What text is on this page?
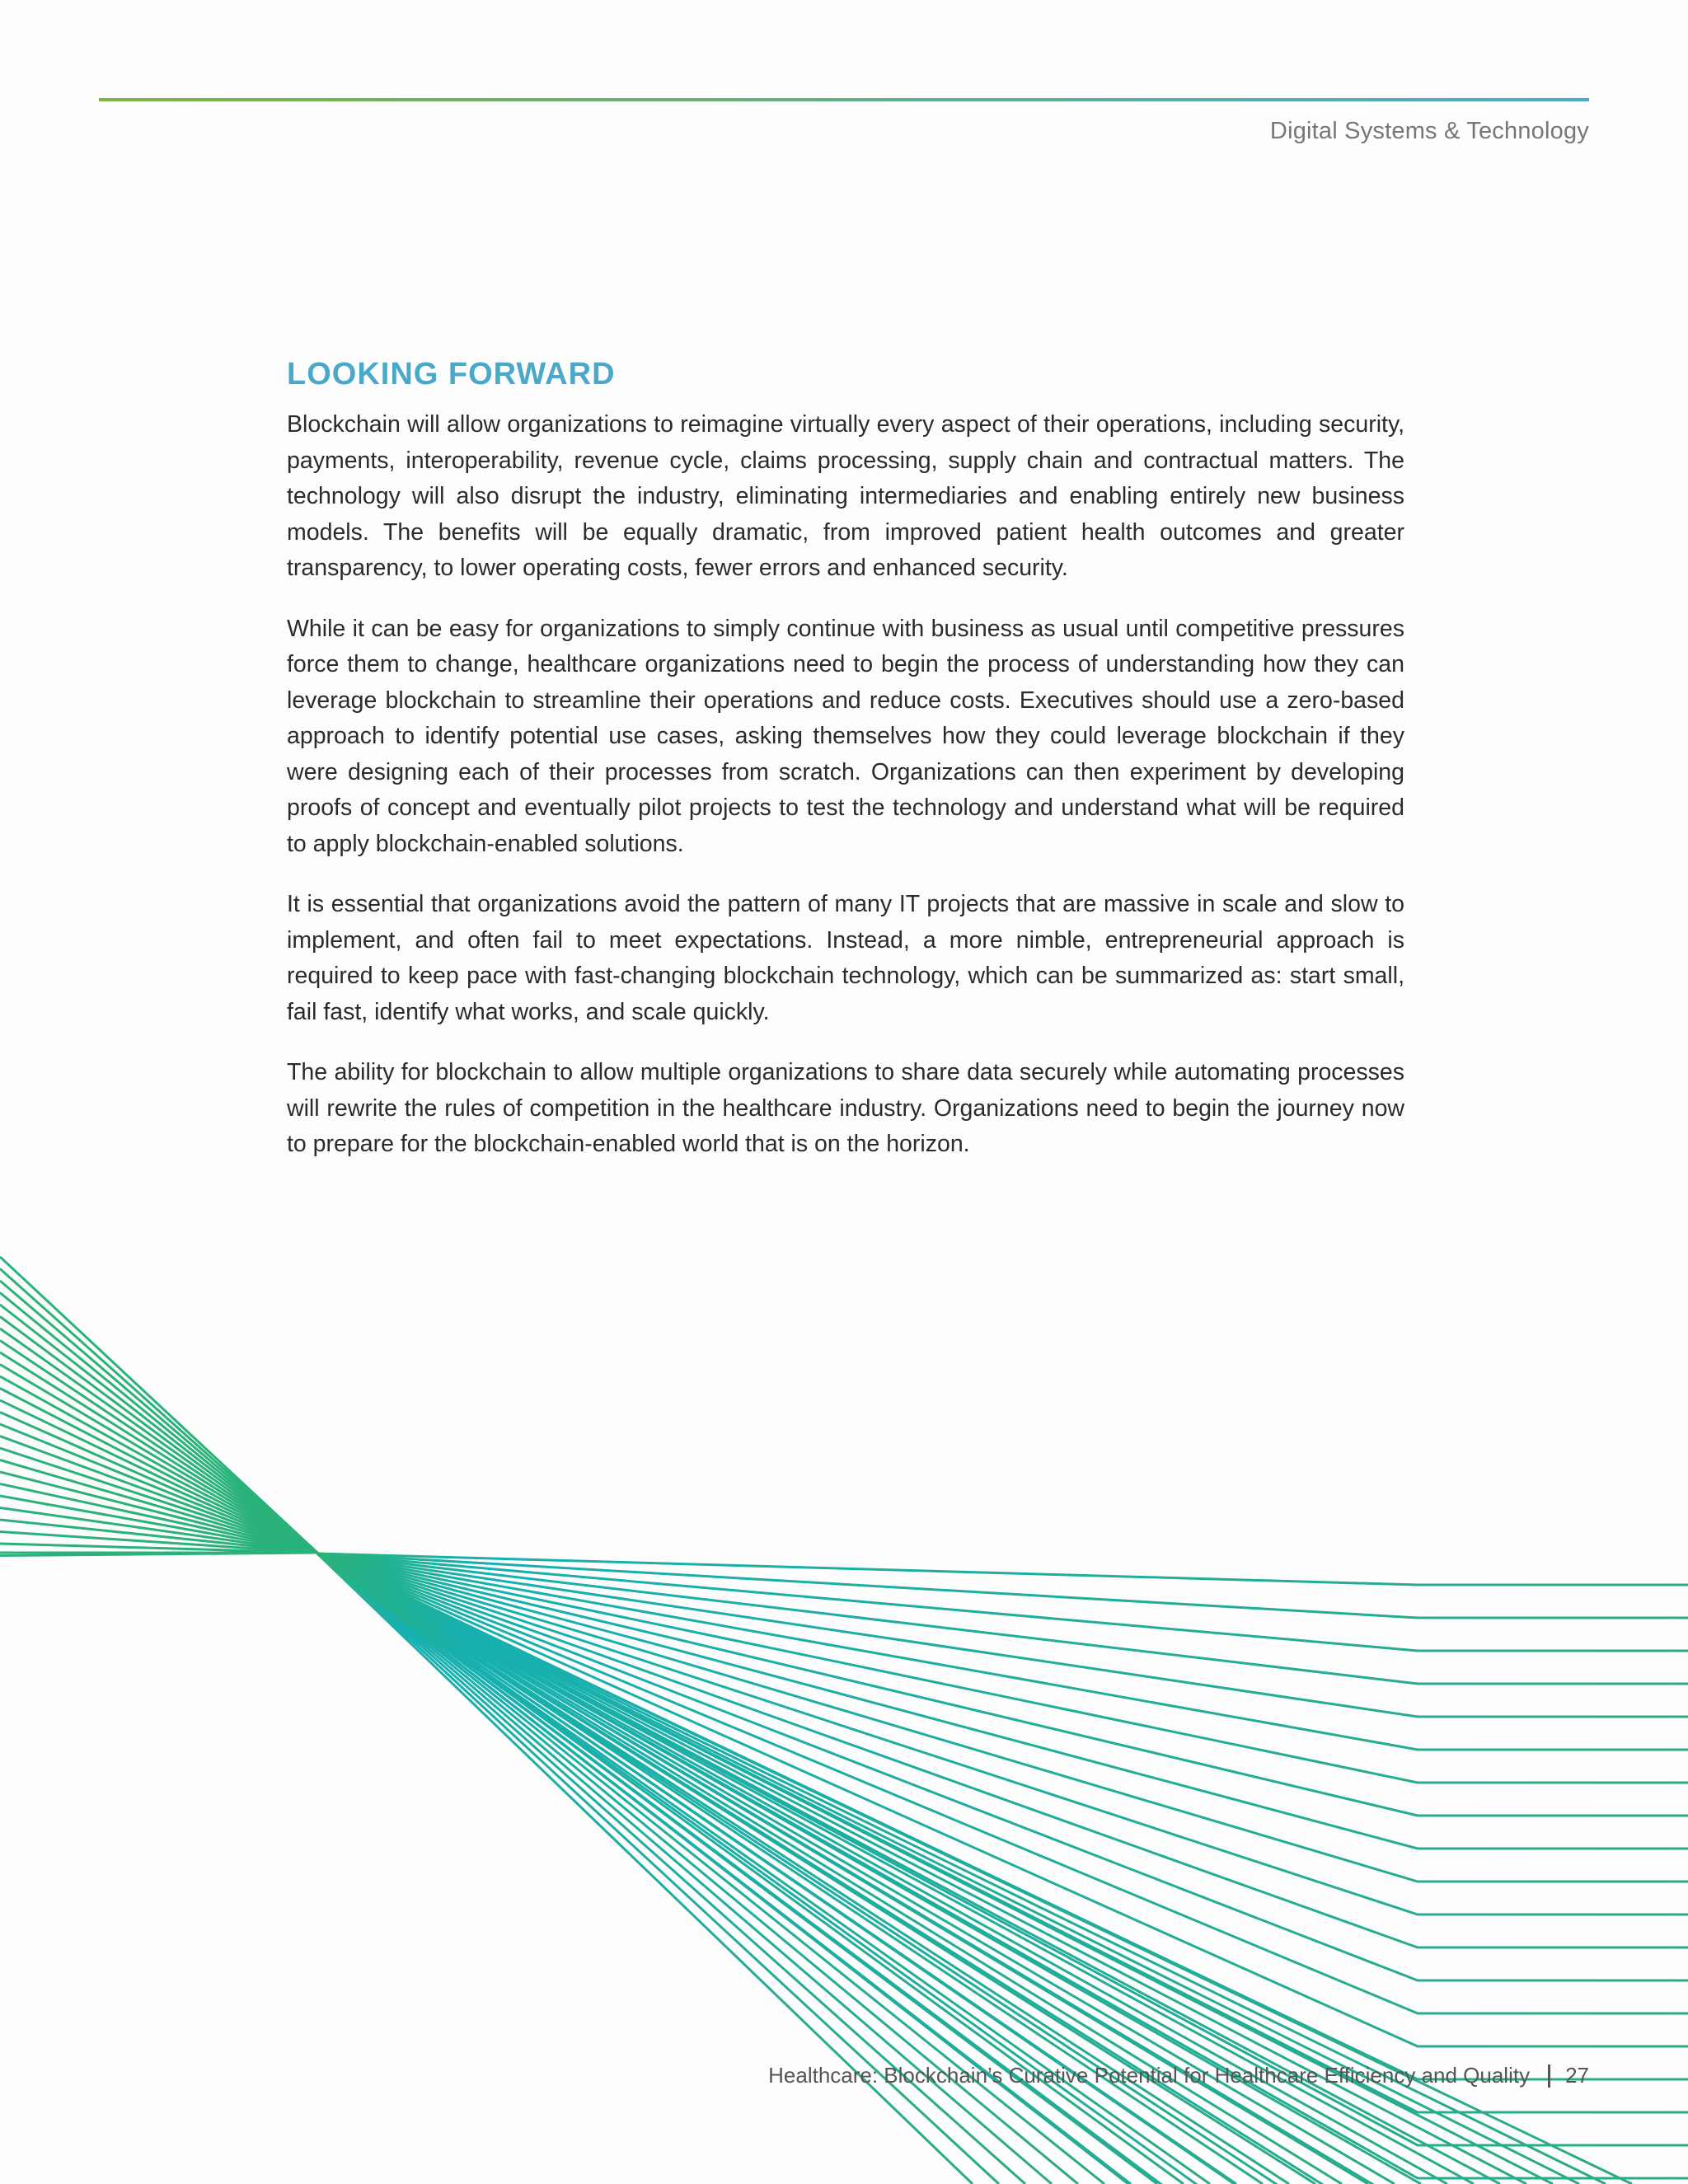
Digital Systems & Technology
LOOKING FORWARD

Blockchain will allow organizations to reimagine virtually every aspect of their operations, including security, payments, interoperability, revenue cycle, claims processing, supply chain and contractual matters. The technology will also disrupt the industry, eliminating intermediaries and enabling entirely new business models. The benefits will be equally dramatic, from improved patient health outcomes and greater transparency, to lower operating costs, fewer errors and enhanced security.

While it can be easy for organizations to simply continue with business as usual until competitive pressures force them to change, healthcare organizations need to begin the process of understanding how they can leverage blockchain to streamline their operations and reduce costs. Executives should use a zero-based approach to identify potential use cases, asking themselves how they could leverage blockchain if they were designing each of their processes from scratch. Organizations can then experiment by developing proofs of concept and eventually pilot projects to test the technology and understand what will be required to apply blockchain-enabled solutions.

It is essential that organizations avoid the pattern of many IT projects that are massive in scale and slow to implement, and often fail to meet expectations. Instead, a more nimble, entrepreneurial approach is required to keep pace with fast-changing blockchain technology, which can be summarized as: start small, fail fast, identify what works, and scale quickly.

The ability for blockchain to allow multiple organizations to share data securely while automating processes will rewrite the rules of competition in the healthcare industry. Organizations need to begin the journey now to prepare for the blockchain-enabled world that is on the horizon.

Healthcare: Blockchain’s Curative Potential for Healthcare Efficiency and Quality 27
